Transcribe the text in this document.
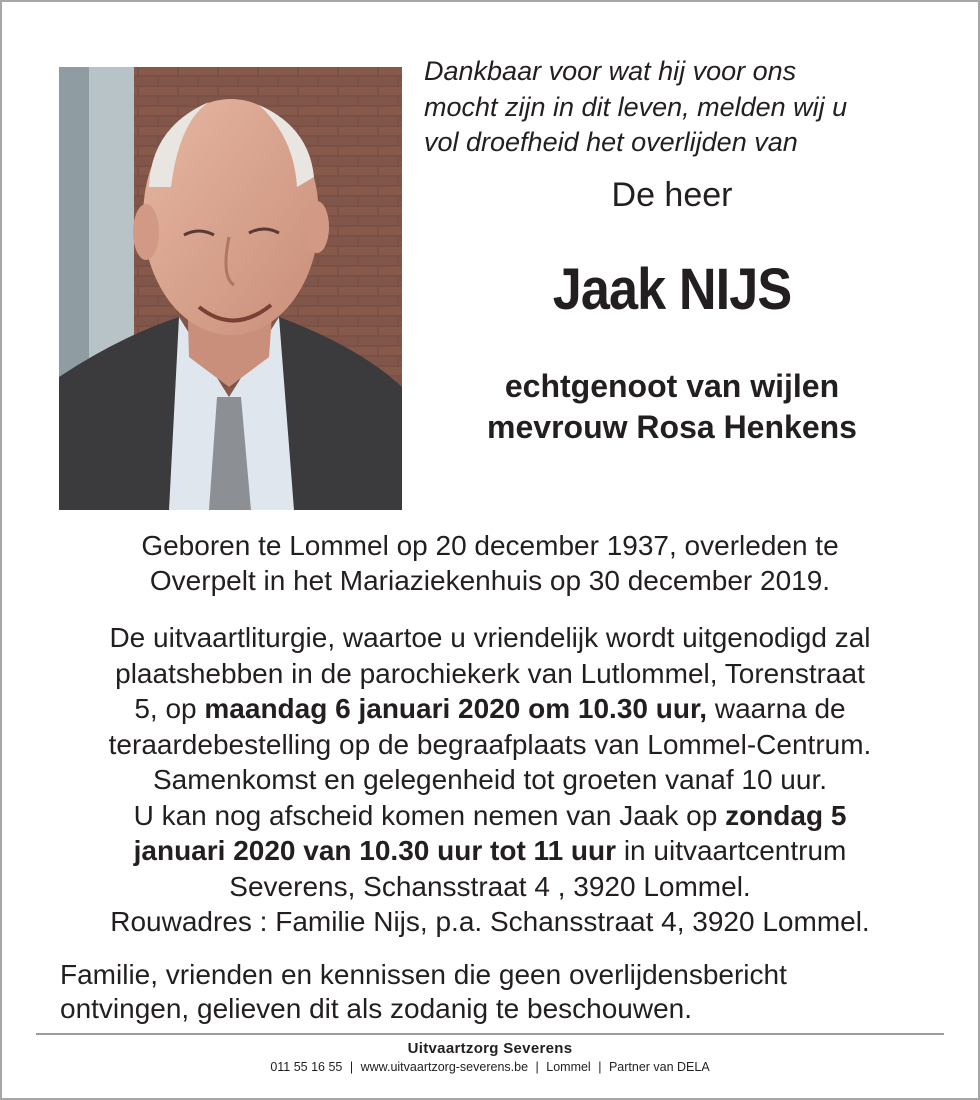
Dankbaar voor wat hij voor ons
mocht zijn in dit leven, melden wij u
vol droefheid het overlijden van
De heer
Jaak NIJS
echtgenoot van wijlen
mevrouw Rosa Henkens
Geboren te Lommel op 20 december 1937, overleden te
Overpelt in het Mariaziekenhuis op 30 december 2019.
De uitvaartliturgie, waartoe u vriendelijk wordt uitgenodigd zal
plaatshebben in de parochiekerk van Lutlommel, Torenstraat
5, op maandag 6 januari 2020 om 10.30 uur, waarna de
teraardebestelling op de begraafplaats van Lommel-Centrum.
Samenkomst en gelegenheid tot groeten vanaf 10 uur.
U kan nog afscheid komen nemen van Jaak op zondag 5
januari 2020 van 10.30 uur tot 11 uur in uitvaartcentrum
Severens, Schansstraat 4 , 3920 Lommel.
Rouwadres : Familie Nijs, p.a. Schansstraat 4, 3920 Lommel.
Familie, vrienden en kennissen die geen overlijdensbericht
ontvingen, gelieven dit als zodanig te beschouwen.
Uitvaartzorg Severens
011 55 16 55 | www.uitvaartzorg-severens.be | Lommel | Partner van DELA
